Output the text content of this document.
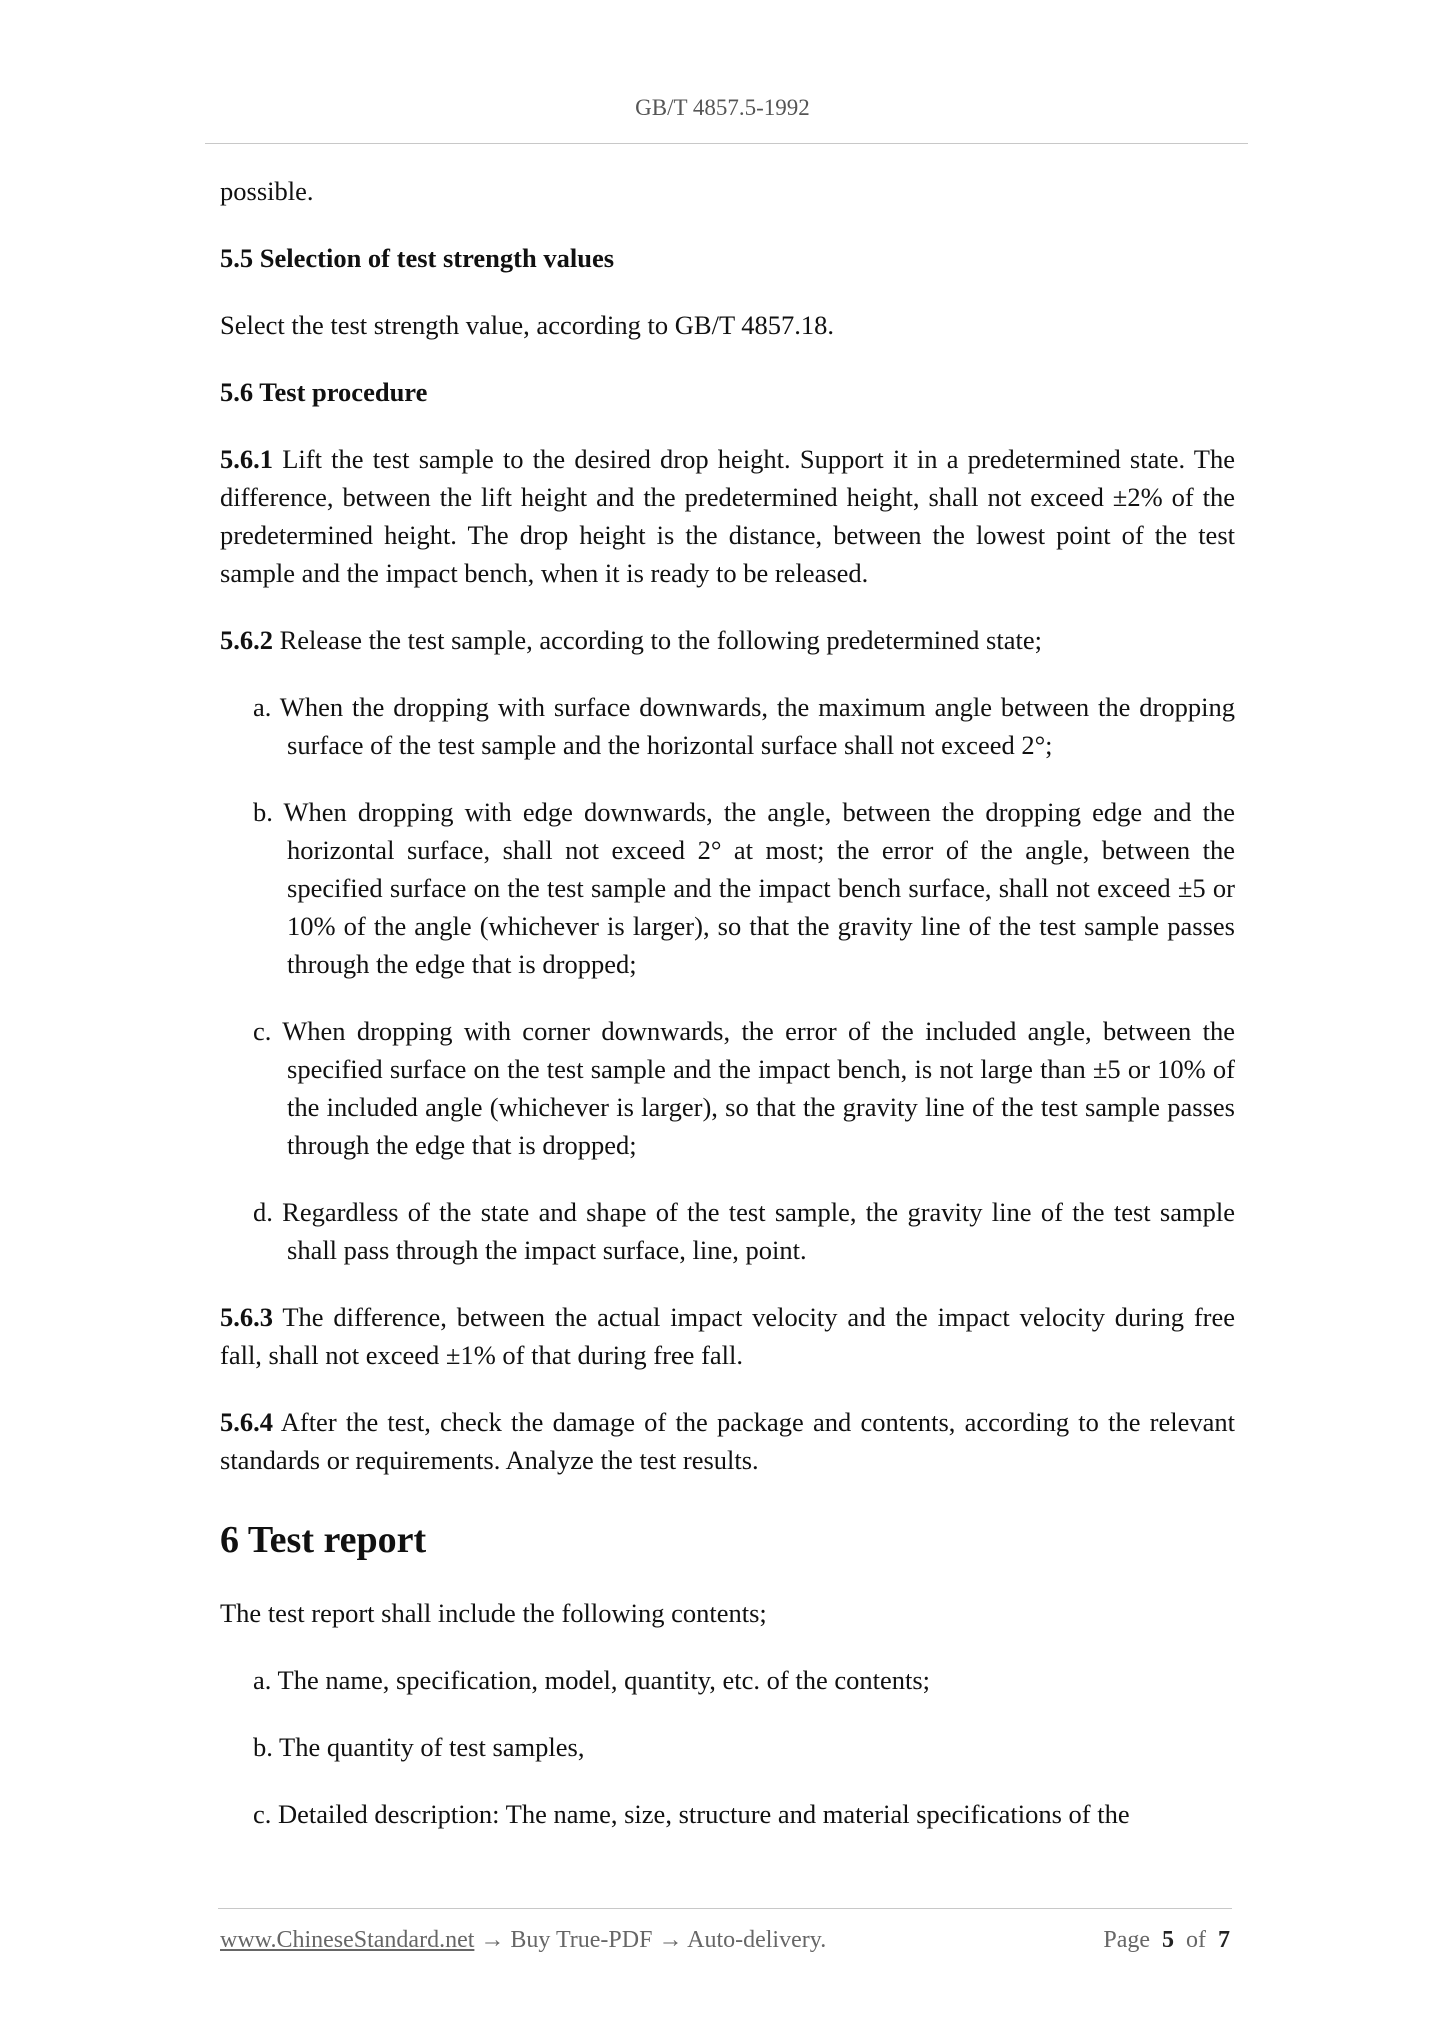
GB/T 4857.5-1992

possible.

5.5 Selection of test strength values

Select the test strength value, according to GB/T 4857.18.

5.6 Test procedure

5.6.1 Lift the test sample to the desired drop height. Support it in a predetermined state. The difference, between the lift height and the predetermined height, shall not exceed ±2% of the predetermined height. The drop height is the distance, between the lowest point of the test sample and the impact bench, when it is ready to be released.

5.6.2 Release the test sample, according to the following predetermined state;

a. When the dropping with surface downwards, the maximum angle between the dropping surface of the test sample and the horizontal surface shall not exceed 2°;

b. When dropping with edge downwards, the angle, between the dropping edge and the horizontal surface, shall not exceed 2° at most; the error of the angle, between the specified surface on the test sample and the impact bench surface, shall not exceed ±5 or 10% of the angle (whichever is larger), so that the gravity line of the test sample passes through the edge that is dropped;

c. When dropping with corner downwards, the error of the included angle, between the specified surface on the test sample and the impact bench, is not large than ±5 or 10% of the included angle (whichever is larger), so that the gravity line of the test sample passes through the edge that is dropped;

d. Regardless of the state and shape of the test sample, the gravity line of the test sample shall pass through the impact surface, line, point.

5.6.3 The difference, between the actual impact velocity and the impact velocity during free fall, shall not exceed ±1% of that during free fall.

5.6.4 After the test, check the damage of the package and contents, according to the relevant standards or requirements. Analyze the test results.

6 Test report

The test report shall include the following contents;

a. The name, specification, model, quantity, etc. of the contents;

b. The quantity of test samples,

c. Detailed description: The name, size, structure and material specifications of the

www.ChineseStandard.net → Buy True-PDF → Auto-delivery.	Page 5 of 7
